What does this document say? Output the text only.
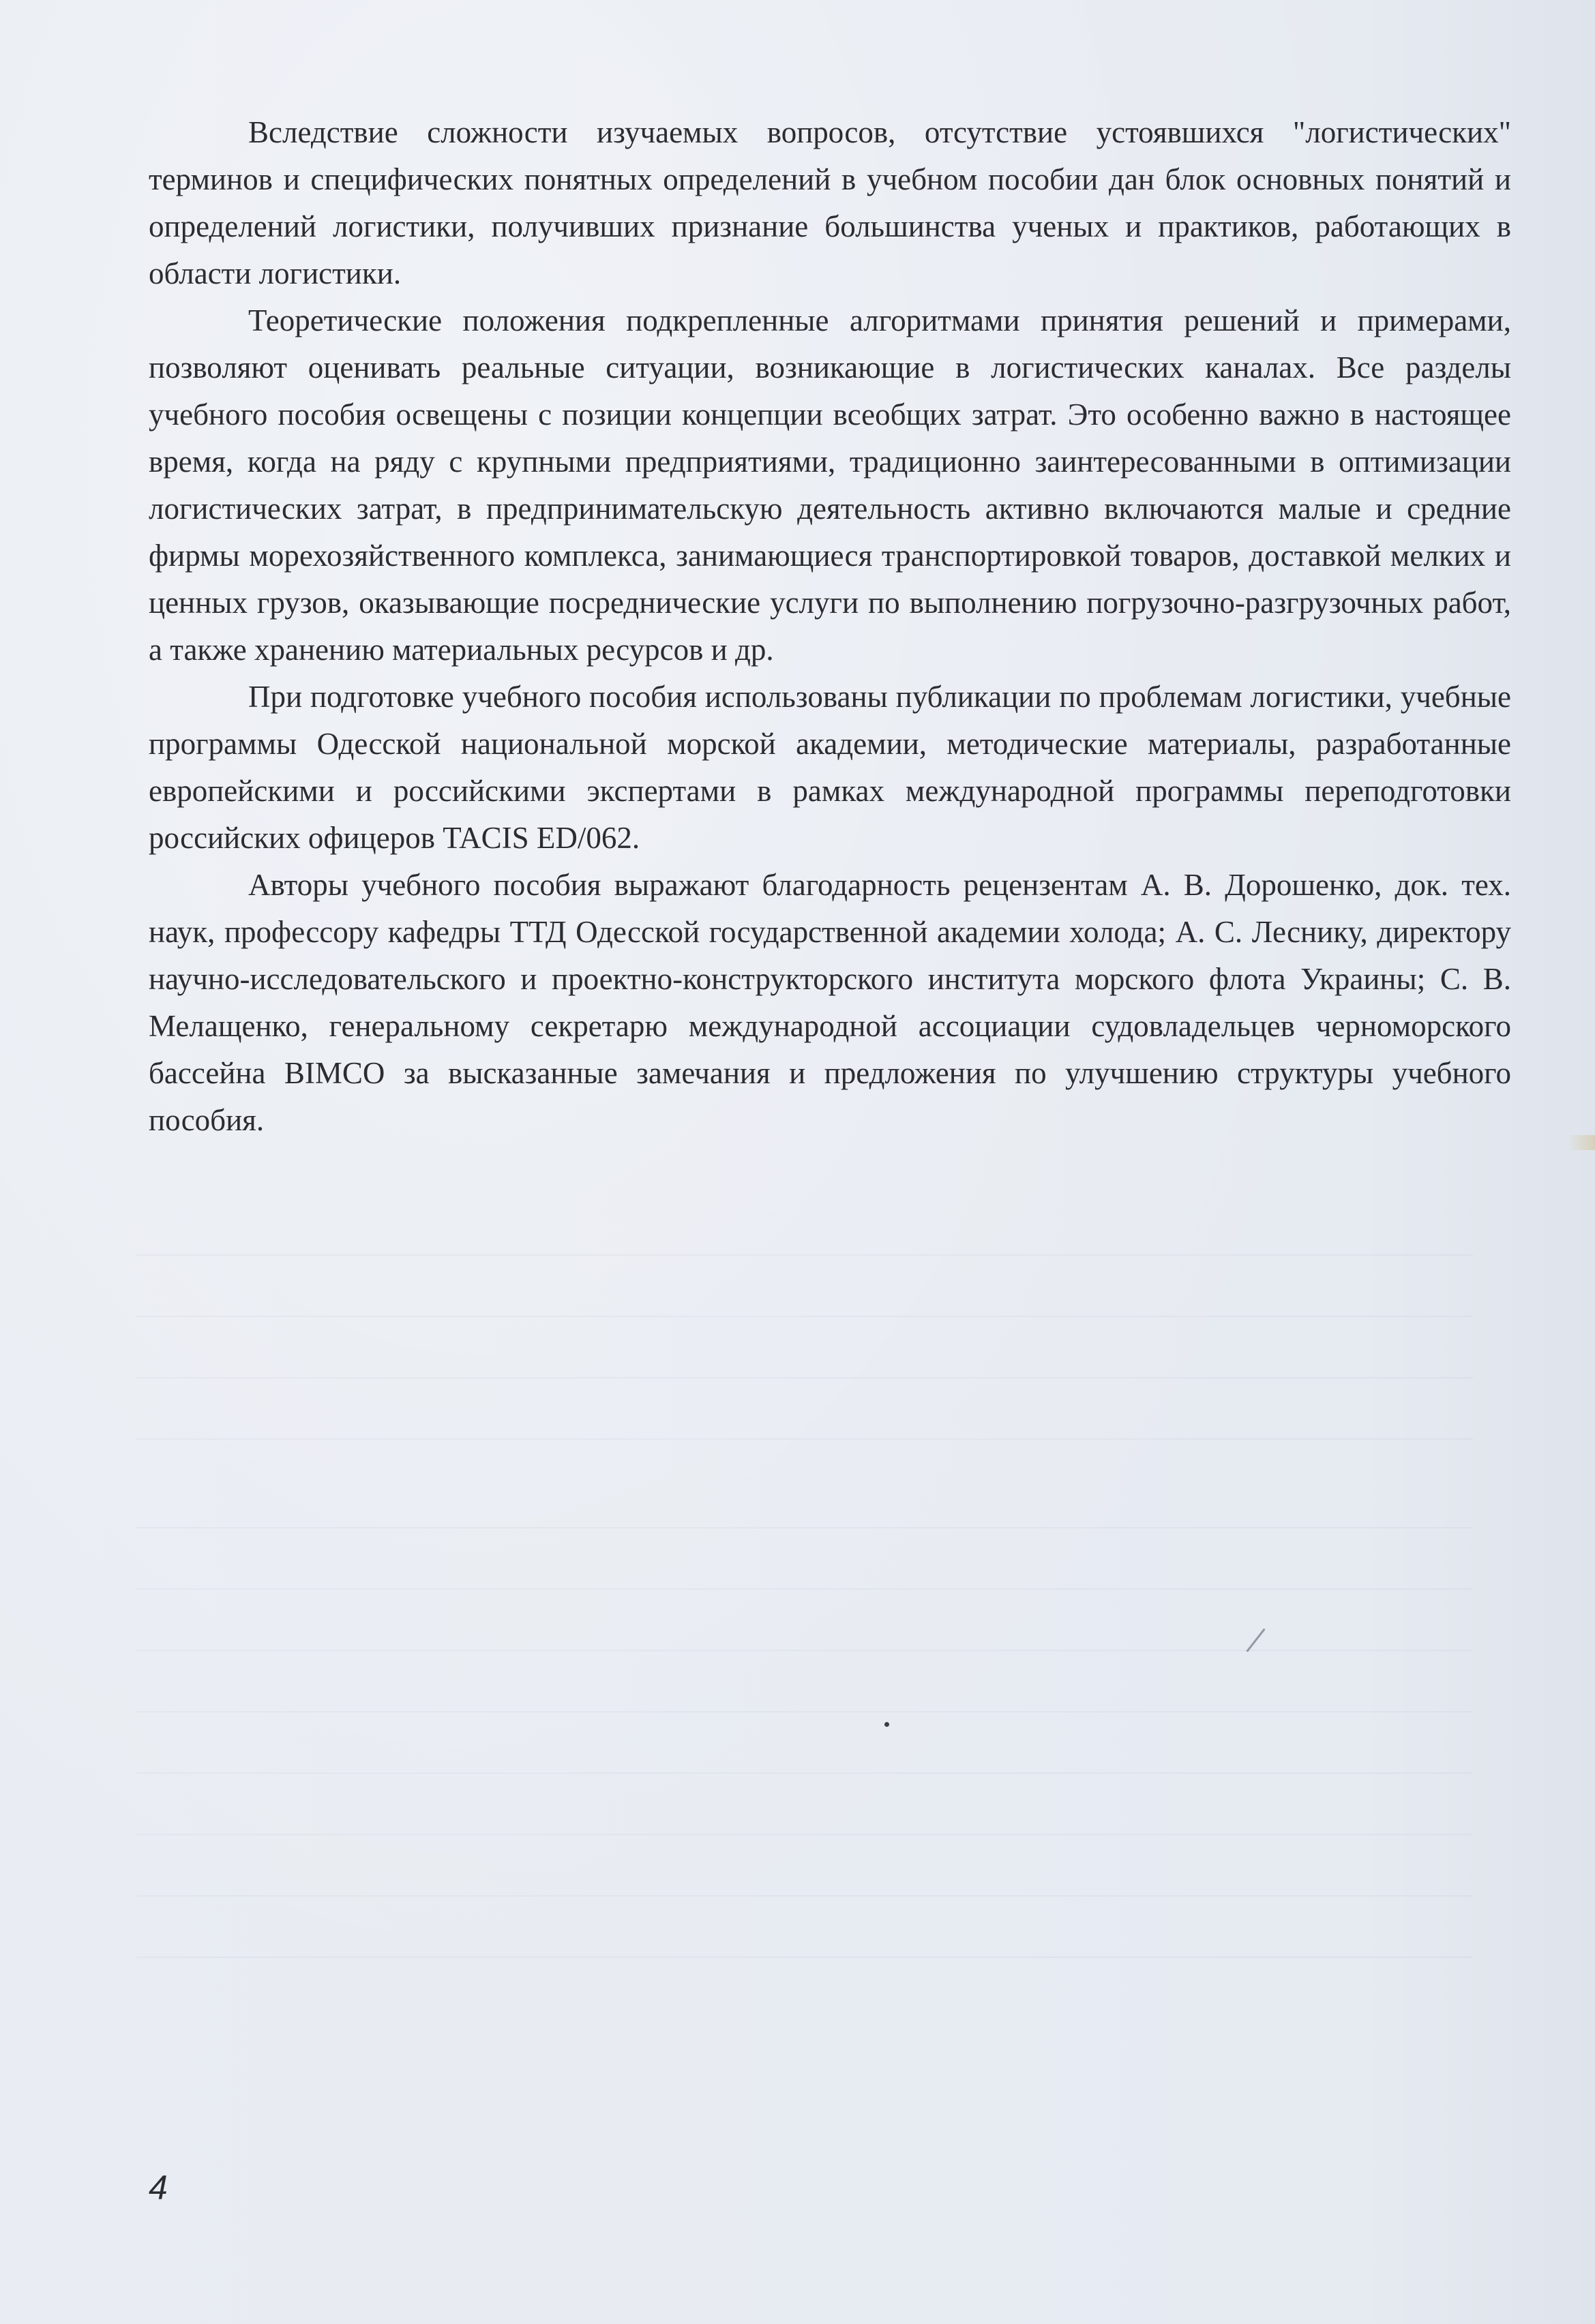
Вследствие сложности изучаемых вопросов, отсутствие устоявшихся "логистических" терминов и специфических понятных определений в учебном пособии дан блок основных понятий и определений логистики, получивших признание большинства ученых и практиков, работающих в области логистики.

Теоретические положения подкрепленные алгоритмами принятия решений и примерами, позволяют оценивать реальные ситуации, возникающие в логистических каналах. Все разделы учебного пособия освещены с позиции концепции всеобщих затрат. Это особенно важно в настоящее время, когда на ряду с крупными предприятиями, традиционно заинтересованными в оптимизации логистических затрат, в предпринимательскую деятельность активно включаются малые и средние фирмы морехозяйственного комплекса, занимающиеся транспортировкой товаров, доставкой мелких и ценных грузов, оказывающие посреднические услуги по выполнению погрузочно-разгрузочных работ, а также хранению материальных ресурсов и др.

При подготовке учебного пособия использованы публикации по проблемам логистики, учебные программы Одесской национальной морской академии, методические материалы, разработанные европейскими и российскими экспертами в рамках международной программы переподготовки российских офицеров TACIS ED/062.

Авторы учебного пособия выражают благодарность рецензентам А. В. Дорошенко, док. тех. наук, профессору кафедры ТТД Одесской государственной академии холода; А. С. Леснику, директору научно-исследовательского и проектно-конструкторского института морского флота Украины; С. В. Мелащенко, генеральному секретарю международной ассоциации судовладельцев черноморского бассейна BIMCO за высказанные замечания и предложения по улучшению структуры учебного пособия.

4
